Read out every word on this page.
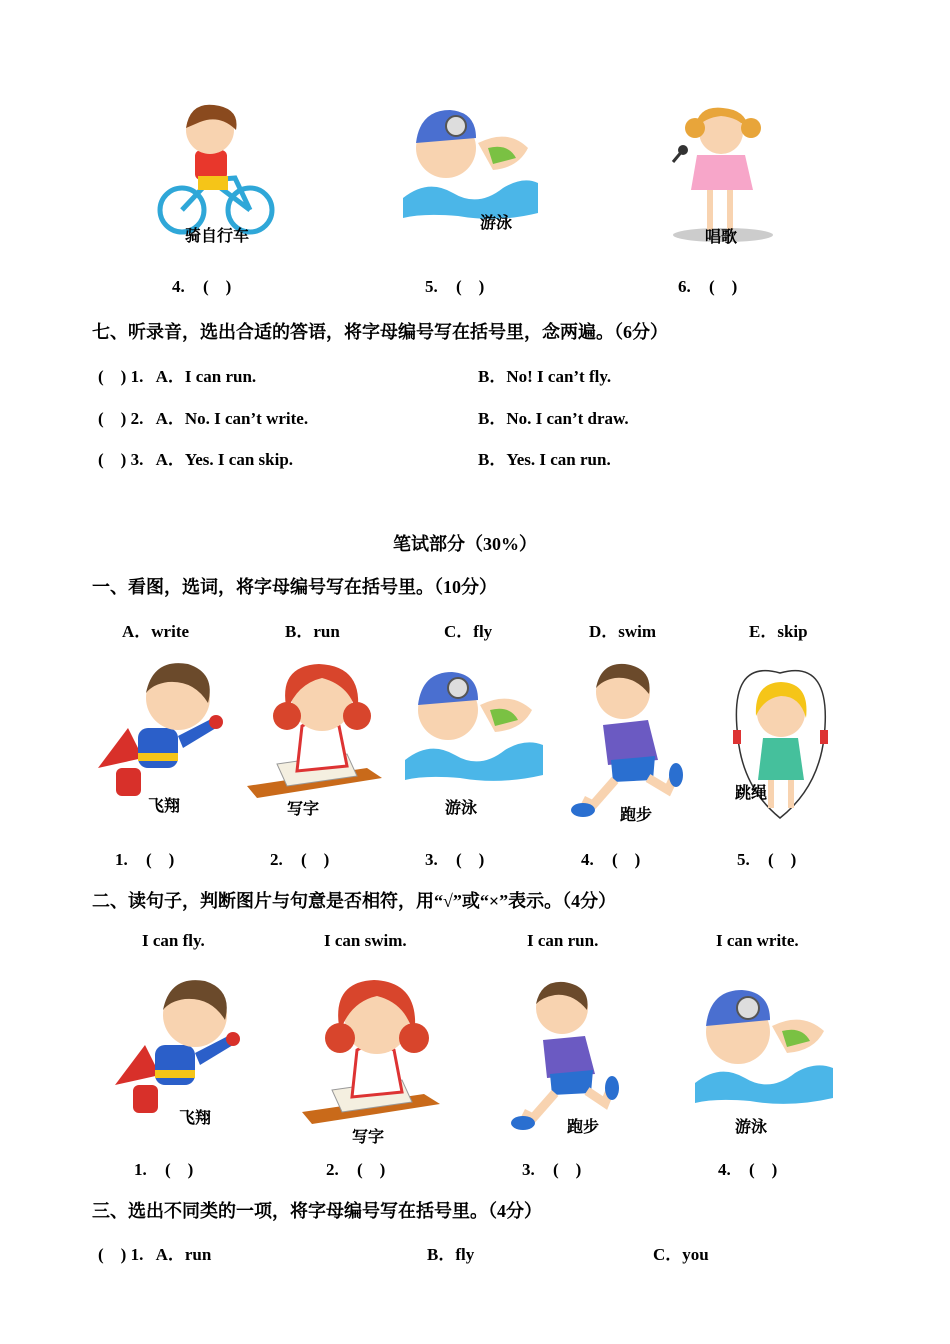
骑自行车
游泳
唱歌
4. (　)	5. (　)	6. (　)
七、听录音，选出合适的答语，将字母编号写在括号里，念两遍。（6分）
(　) 1. A．I can run.	B．No! I can’t fly.
(　) 2. A．No. I can’t write.	B．No. I can’t draw.
(　) 3. A．Yes. I can skip.	B．Yes. I can run.
笔试部分（30%）
一、看图，选词，将字母编号写在括号里。（10分）
A．write	B．run	C．fly	D．swim	E．skip
飞翔	写字	游泳	跑步
跳绳
1. (　)	2. (　)	3. (　)	4. (　)	5. (　)
二、读句子，判断图片与句意是否相符，用“√”或“×”表示。（4分）
I can fly.	I can swim.	I can run.	I can write.
飞翔
写字
跑步	游泳
1. (　)	2. (　)	3. (　)	4. (　)
三、选出不同类的一项，将字母编号写在括号里。（4分）
(　) 1. A．run	B．fly	C．you
